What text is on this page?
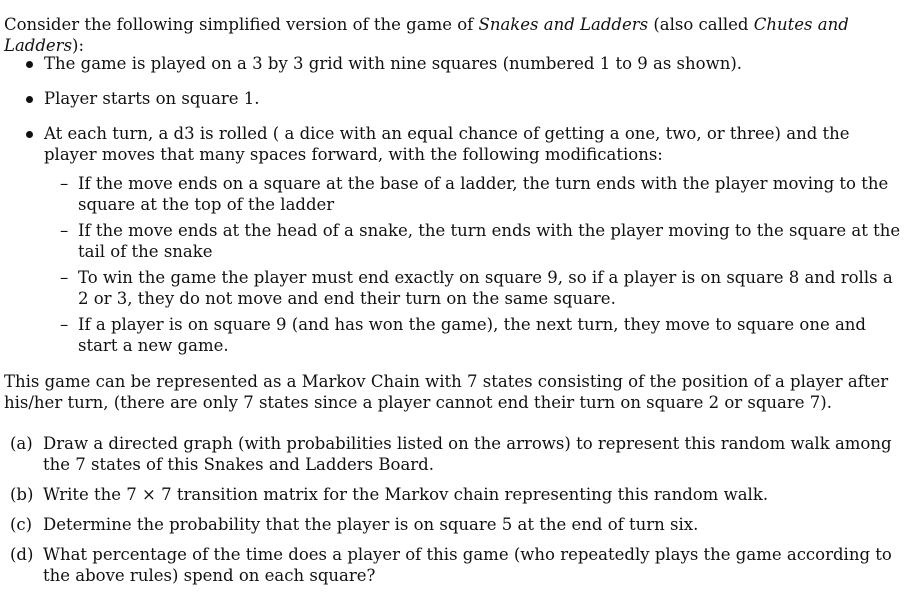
Consider the following simplified version of the game of Snakes and Ladders (also called Chutes and Ladders):
The game is played on a 3 by 3 grid with nine squares (numbered 1 to 9 as shown).
Player starts on square 1.
At each turn, a d3 is rolled ( a dice with an equal chance of getting a one, two, or three) and the player moves that many spaces forward, with the following modifications:
– If the move ends on a square at the base of a ladder, the turn ends with the player moving to the square at the top of the ladder
– If the move ends at the head of a snake, the turn ends with the player moving to the square at the tail of the snake
– To win the game the player must end exactly on square 9, so if a player is on square 8 and rolls a 2 or 3, they do not move and end their turn on the same square.
– If a player is on square 9 (and has won the game), the next turn, they move to square one and start a new game.
This game can be represented as a Markov Chain with 7 states consisting of the position of a player after his/her turn, (there are only 7 states since a player cannot end their turn on square 2 or square 7).
(a) Draw a directed graph (with probabilities listed on the arrows) to represent this random walk among the 7 states of this Snakes and Ladders Board.
(b) Write the 7 × 7 transition matrix for the Markov chain representing this random walk.
(c) Determine the probability that the player is on square 5 at the end of turn six.
(d) What percentage of the time does a player of this game (who repeatedly plays the game according to the above rules) spend on each square?
